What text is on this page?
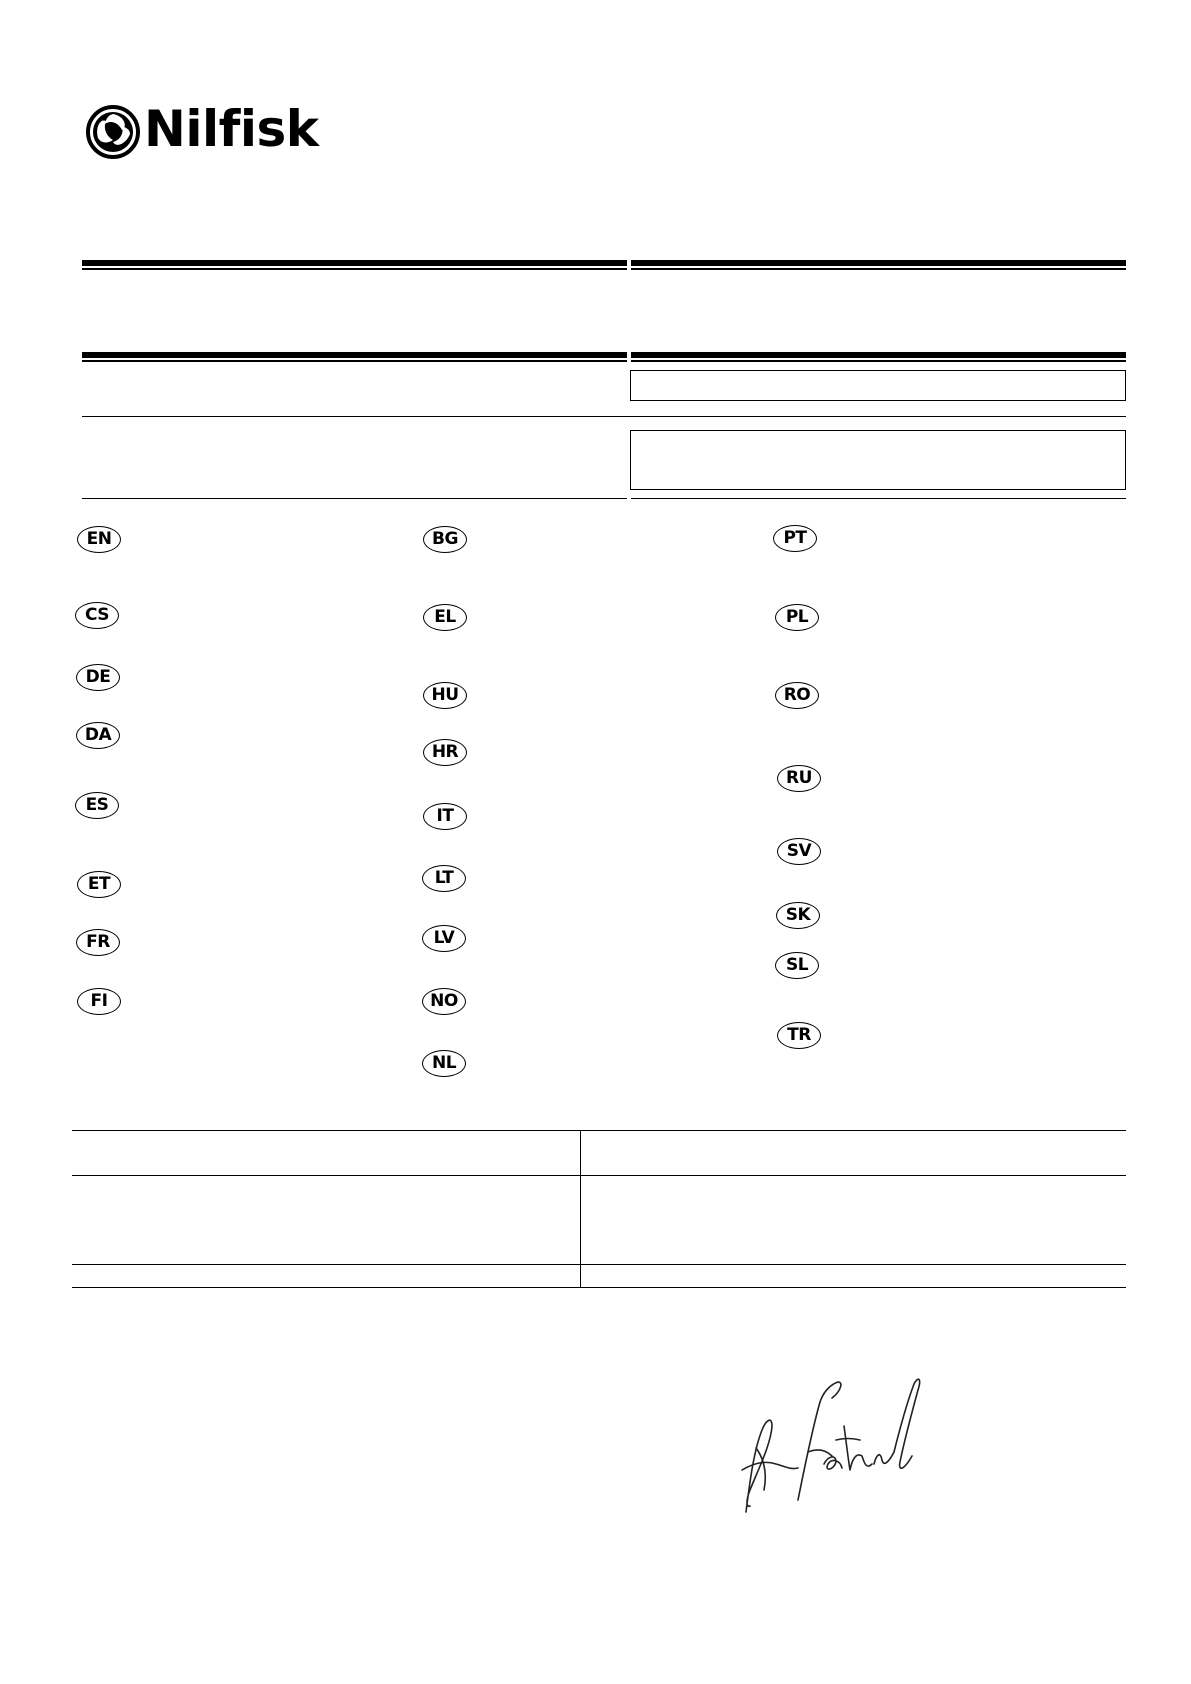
Nilfisk
EN
CS
DE
DA
ES
ET
FR
FI
BG
EL
HU
HR
IT
LT
LV
NO
NL
PT
PL
RO
RU
SV
SK
SL
TR
